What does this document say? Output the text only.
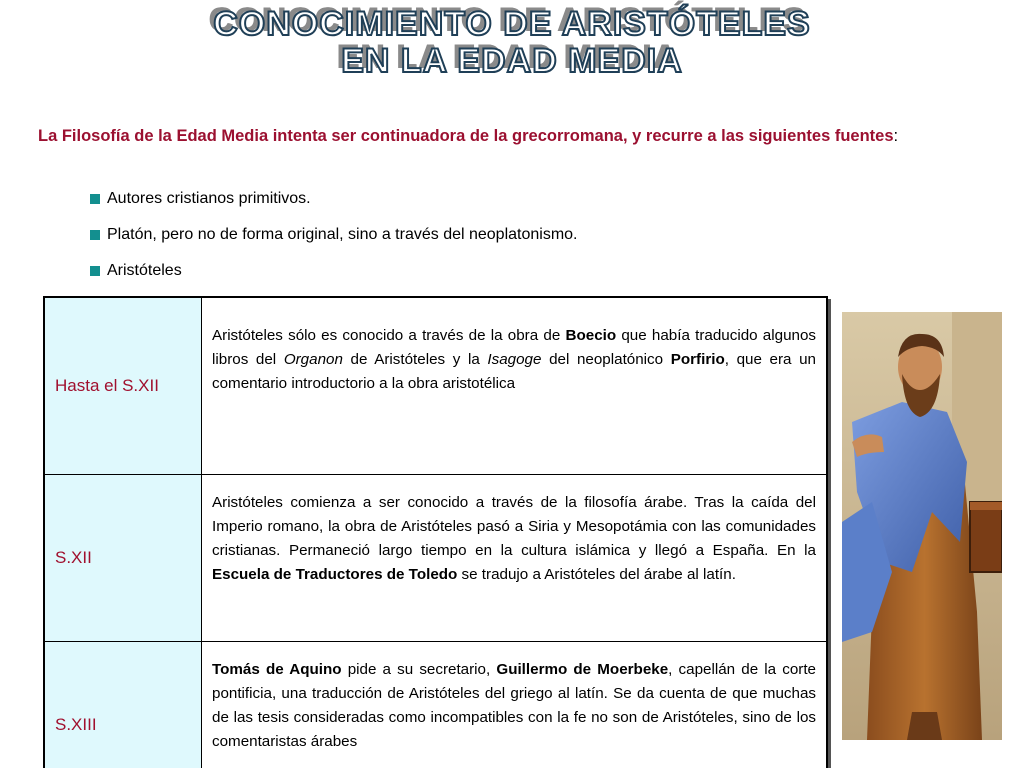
CONOCIMIENTO DE ARISTÓTELES
EN LA EDAD MEDIA
La Filosofía de la Edad Media intenta ser continuadora de la grecorromana, y recurre a las siguientes fuentes:
Autores cristianos primitivos.
Platón, pero no de forma original, sino a través del neoplatonismo.
Aristóteles
Hasta el S.XII	Aristóteles sólo es conocido a través de la obra de Boecio que había traducido algunos libros del Organon de Aristóteles y la Isagoge del neoplatónico Porfirio, que era un comentario introductorio a la obra aristotélica
S.XII	Aristóteles comienza a ser conocido a través de la filosofía árabe. Tras la caída del Imperio romano, la obra de Aristóteles pasó a Siria y Mesopotámia con las comunidades cristianas. Permaneció largo tiempo en la cultura islámica y llegó a España. En la Escuela de Traductores de Toledo se tradujo a Aristóteles del árabe al latín.
S.XIII	Tomás de Aquino pide a su secretario, Guillermo de Moerbeke, capellán de la corte pontificia, una traducción de Aristóteles del griego al latín. Se da cuenta de que muchas de las tesis consideradas como incompatibles con la fe no son de Aristóteles, sino de los comentaristas árabes
